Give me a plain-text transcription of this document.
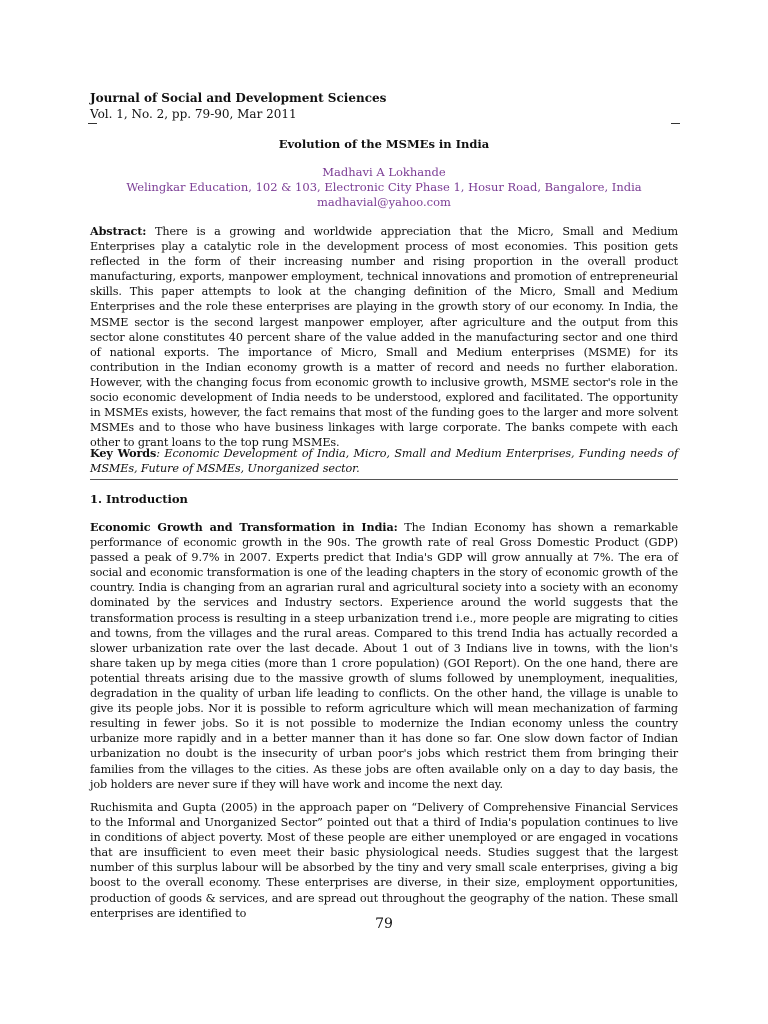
Journal of Social and Development Sciences
Vol. 1, No. 2, pp. 79-90, Mar 2011
Evolution of the MSMEs in India
Madhavi A Lokhande
Welingkar Education, 102 & 103, Electronic City Phase 1, Hosur Road, Bangalore, India
madhavial@yahoo.com
Abstract: There is a growing and worldwide appreciation that the Micro, Small and Medium Enterprises play a catalytic role in the development process of most economies. This position gets reflected in the form of their increasing number and rising proportion in the overall product manufacturing, exports, manpower employment, technical innovations and promotion of entrepreneurial skills. This paper attempts to look at the changing definition of the Micro, Small and Medium Enterprises and the role these enterprises are playing in the growth story of our economy. In India, the MSME sector is the second largest manpower employer, after agriculture and the output from this sector alone constitutes 40 percent share of the value added in the manufacturing sector and one third of national exports. The importance of Micro, Small and Medium enterprises (MSME) for its contribution in the Indian economy growth is a matter of record and needs no further elaboration. However, with the changing focus from economic growth to inclusive growth, MSME sector's role in the socio economic development of India needs to be understood, explored and facilitated. The opportunity in MSMEs exists, however, the fact remains that most of the funding goes to the larger and more solvent MSMEs and to those who have business linkages with large corporate. The banks compete with each other to grant loans to the top rung MSMEs.
Key Words: Economic Development of India, Micro, Small and Medium Enterprises, Funding needs of MSMEs, Future of MSMEs, Unorganized sector.
1. Introduction
Economic Growth and Transformation in India: The Indian Economy has shown a remarkable performance of economic growth in the 90s. The growth rate of real Gross Domestic Product (GDP) passed a peak of 9.7% in 2007. Experts predict that India's GDP will grow annually at 7%. The era of social and economic transformation is one of the leading chapters in the story of economic growth of the country. India is changing from an agrarian rural and agricultural society into a society with an economy dominated by the services and Industry sectors. Experience around the world suggests that the transformation process is resulting in a steep urbanization trend i.e., more people are migrating to cities and towns, from the villages and the rural areas. Compared to this trend India has actually recorded a slower urbanization rate over the last decade. About 1 out of 3 Indians live in towns, with the lion's share taken up by mega cities (more than 1 crore population) (GOI Report). On the one hand, there are potential threats arising due to the massive growth of slums followed by unemployment, inequalities, degradation in the quality of urban life leading to conflicts. On the other hand, the village is unable to give its people jobs. Nor it is possible to reform agriculture which will mean mechanization of farming resulting in fewer jobs. So it is not possible to modernize the Indian economy unless the country urbanize more rapidly and in a better manner than it has done so far. One slow down factor of Indian urbanization no doubt is the insecurity of urban poor's jobs which restrict them from bringing their families from the villages to the cities. As these jobs are often available only on a day to day basis, the job holders are never sure if they will have work and income the next day.
Ruchismita and Gupta (2005) in the approach paper on “Delivery of Comprehensive Financial Services to the Informal and Unorganized Sector” pointed out that a third of India's population continues to live in conditions of abject poverty. Most of these people are either unemployed or are engaged in vocations that are insufficient to even meet their basic physiological needs. Studies suggest that the largest number of this surplus labour will be absorbed by the tiny and very small scale enterprises, giving a big boost to the overall economy. These enterprises are diverse, in their size, employment opportunities, production of goods & services, and are spread out throughout the geography of the nation. These small enterprises are identified to
79
